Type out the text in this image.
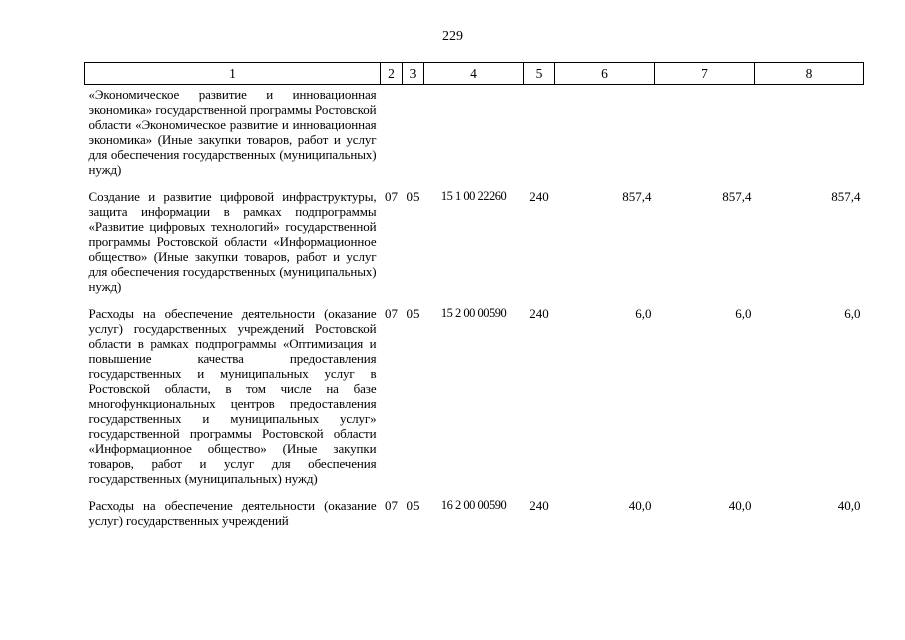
229
1	2	3	4	5	6	7	8
«Экономическое развитие и инновационная экономика» государственной программы Ростовской области «Экономическое развитие и инновационная экономика» (Иные закупки товаров, работ и услуг для обеспечения государственных (муниципальных) нужд)							
Создание и развитие цифровой инфраструктуры, защита информации в рамках подпрограммы «Развитие цифровых технологий» государственной программы Ростовской области «Информационное общество» (Иные закупки товаров, работ и услуг для обеспечения государственных (муниципальных) нужд)	07	05	15 1 00 22260	240	857,4	857,4	857,4
Расходы на обеспечение деятельности (оказание услуг) государственных учреждений Ростовской области в рамках подпрограммы «Оптимизация и повышение качества предоставления государственных и муниципальных услуг в Ростовской области, в том числе на базе многофункциональных центров предоставления государственных и муниципальных услуг» государственной программы Ростовской области «Информационное общество» (Иные закупки товаров, работ и услуг для обеспечения государственных (муниципальных) нужд)	07	05	15 2 00 00590	240	6,0	6,0	6,0
Расходы на обеспечение деятельности (оказание услуг) государственных учреждений	07	05	16 2 00 00590	240	40,0	40,0	40,0
